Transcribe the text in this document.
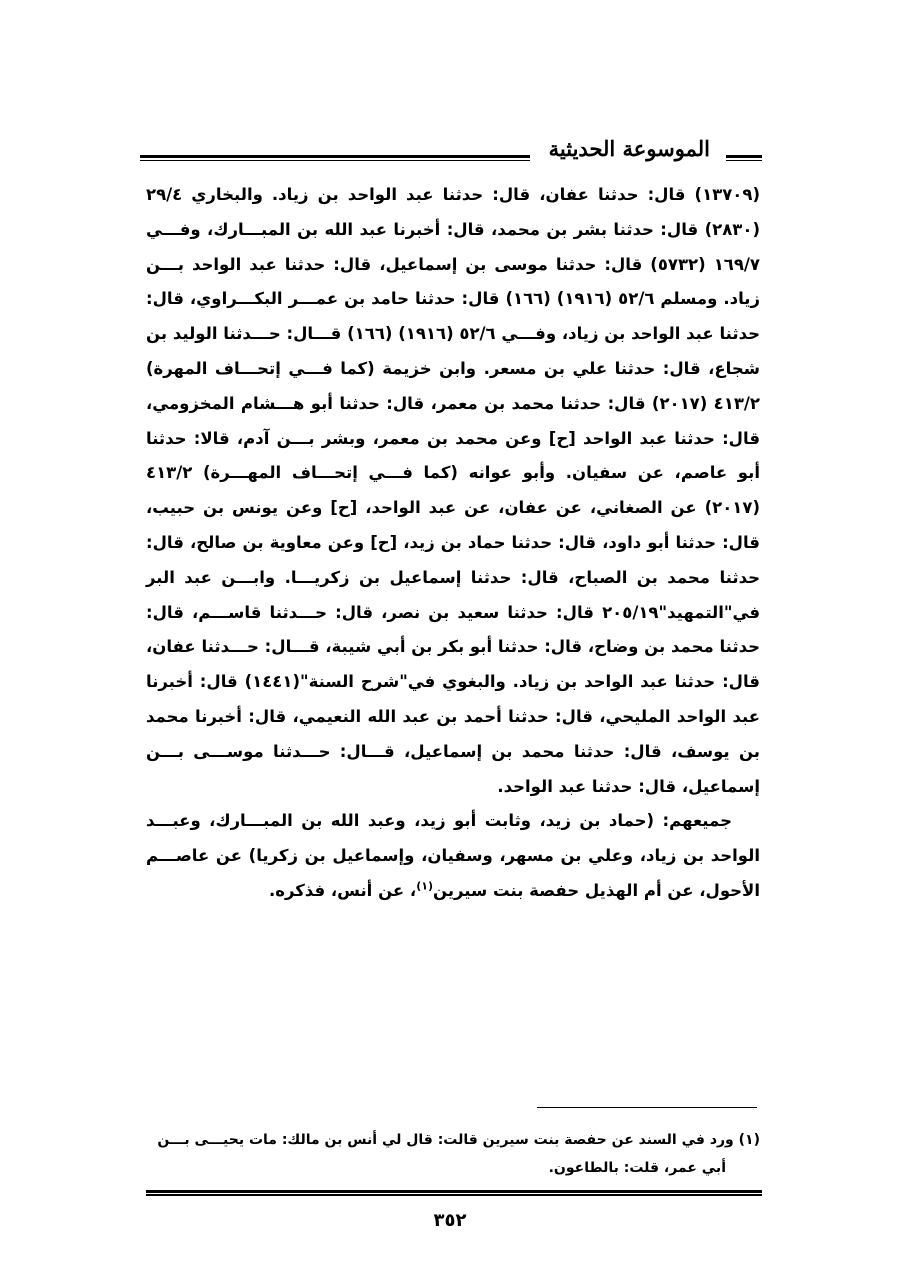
الموسوعة الحديثية

(١٣٧٠٩) قال: حدثنا عفان، قال: حدثنا عبد الواحد بن زياد. والبخاري ٢٩/٤ (٢٨٣٠) قال: حدثنا بشر بن محمد، قال: أخبرنا عبد الله بن المبـــارك، وفـــي ١٦٩/٧ (٥٧٣٢) قال: حدثنا موسى بن إسماعيل، قال: حدثنا عبد الواحد بـــن زياد. ومسلم ٥٢/٦ (١٩١٦) (١٦٦) قال: حدثنا حامد بن عمـــر البكـــراوي، قال: حدثنا عبد الواحد بن زياد، وفـــي ٥٢/٦ (١٩١٦) (١٦٦) قـــال: حـــدثنا الوليد بن شجاع، قال: حدثنا علي بن مسعر. وابن خزيمة (كما فـــي إتحـــاف المهرة) ٤١٣/٢ (٢٠١٧) قال: حدثنا محمد بن معمر، قال: حدثنا أبو هـــشام المخزومي، قال: حدثنا عبد الواحد [ح] وعن محمد بن معمر، وبشر بـــن آدم، قالا: حدثنا أبو عاصم، عن سفيان. وأبو عوانه (كما فـــي إتحـــاف المهـــرة) ٤١٣/٢ (٢٠١٧) عن الصغاني، عن عفان، عن عبد الواحد، [ح] وعن يونس بن حبيب، قال: حدثنا أبو داود، قال: حدثنا حماد بن زيد، [ح] وعن معاوية بن صالح، قال: حدثنا محمد بن الصباح، قال: حدثنا إسماعيل بن زكريـــا. وابـــن عبد البر في"التمهيد"٢٠٥/١٩ قال: حدثنا سعيد بن نصر، قال: حـــدثنا قاســـم، قال: حدثنا محمد بن وضاح، قال: حدثنا أبو بكر بن أبي شيبة، قـــال: حـــدثنا عفان، قال: حدثنا عبد الواحد بن زياد. والبغوي في"شرح السنة"(١٤٤١) قال: أخبرنا عبد الواحد المليحي، قال: حدثنا أحمد بن عبد الله النعيمي، قال: أخبرنا محمد بن يوسف، قال: حدثنا محمد بن إسماعيل، قـــال: حـــدثنا موســـى بـــن إسماعيل، قال: حدثنا عبد الواحد.

جميعهم: (حماد بن زيد، وثابت أبو زيد، وعبد الله بن المبـــارك، وعبـــد الواحد بن زياد، وعلي بن مسهر، وسفيان، وإسماعيل بن زكريا) عن عاصـــم الأحول، عن أم الهذيل حفصة بنت سيرين$^{(١)}$، عن أنس، فذكره.

(١) ورد في السند عن حفصة بنت سيرين قالت: قال لي أنس بن مالك: مات يحيـــى بـــن

أبي عمر، قلت: بالطاعون.

٣٥٢
